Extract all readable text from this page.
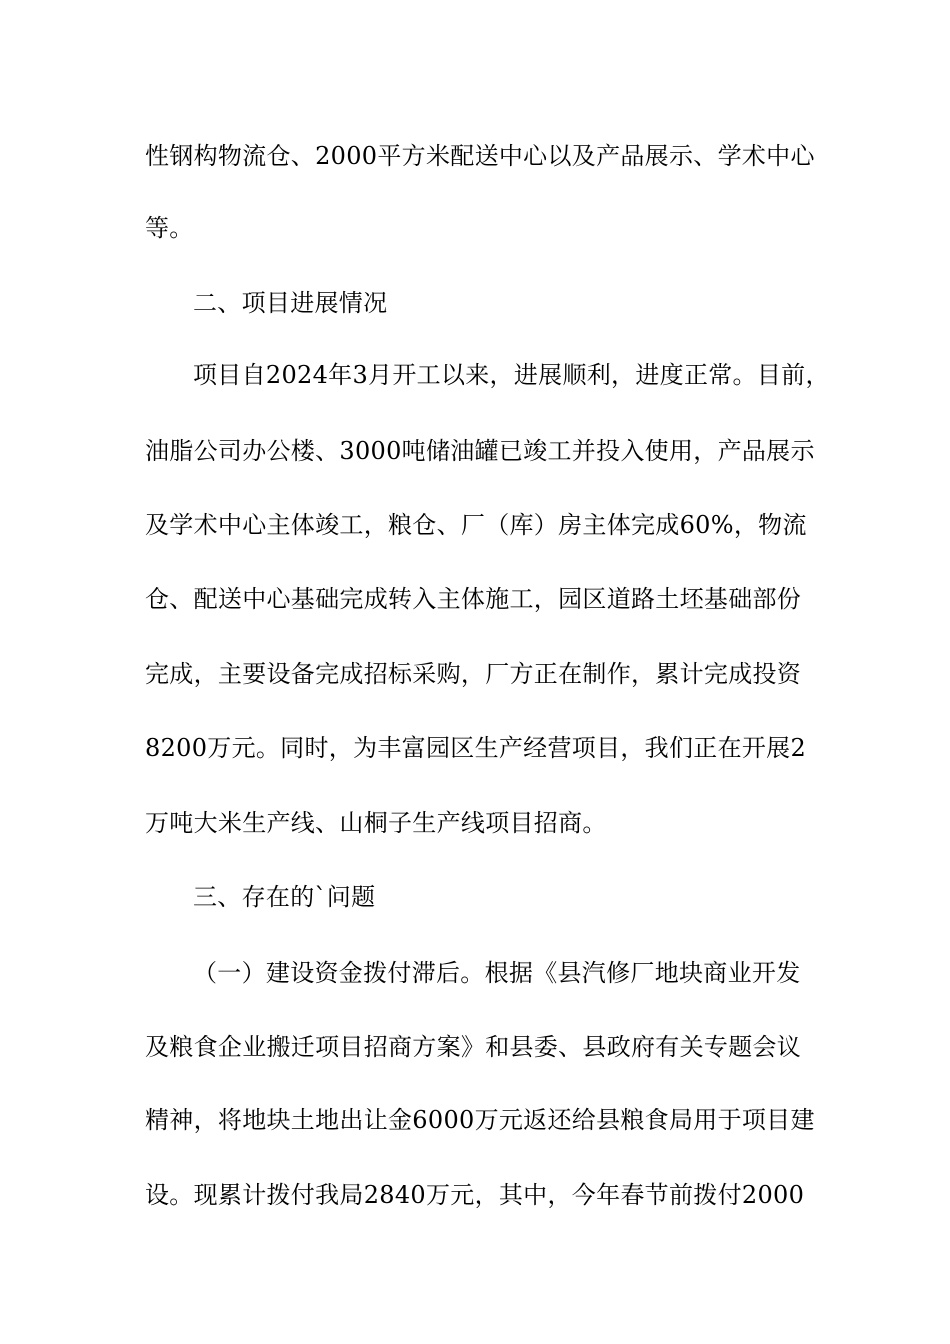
性钢构物流仓、2000平方米配送中心以及产品展示、学术中心
等。
二、项目进展情况
项目自2024年3月开工以来，进展顺利，进度正常。目前，
油脂公司办公楼、3000吨储油罐已竣工并投入使用，产品展示
及学术中心主体竣工，粮仓、厂（库）房主体完成60%，物流
仓、配送中心基础完成转入主体施工，园区道路土坯基础部份
完成，主要设备完成招标采购，厂方正在制作，累计完成投资
8200万元。同时，为丰富园区生产经营项目，我们正在开展2
万吨大米生产线、山桐子生产线项目招商。
三、存在的`问题
（一）建设资金拨付滞后。根据《县汽修厂地块商业开发
及粮食企业搬迁项目招商方案》和县委、县政府有关专题会议
精神，将地块土地出让金6000万元返还给县粮食局用于项目建
设。现累计拨付我局2840万元，其中，今年春节前拨付2000
